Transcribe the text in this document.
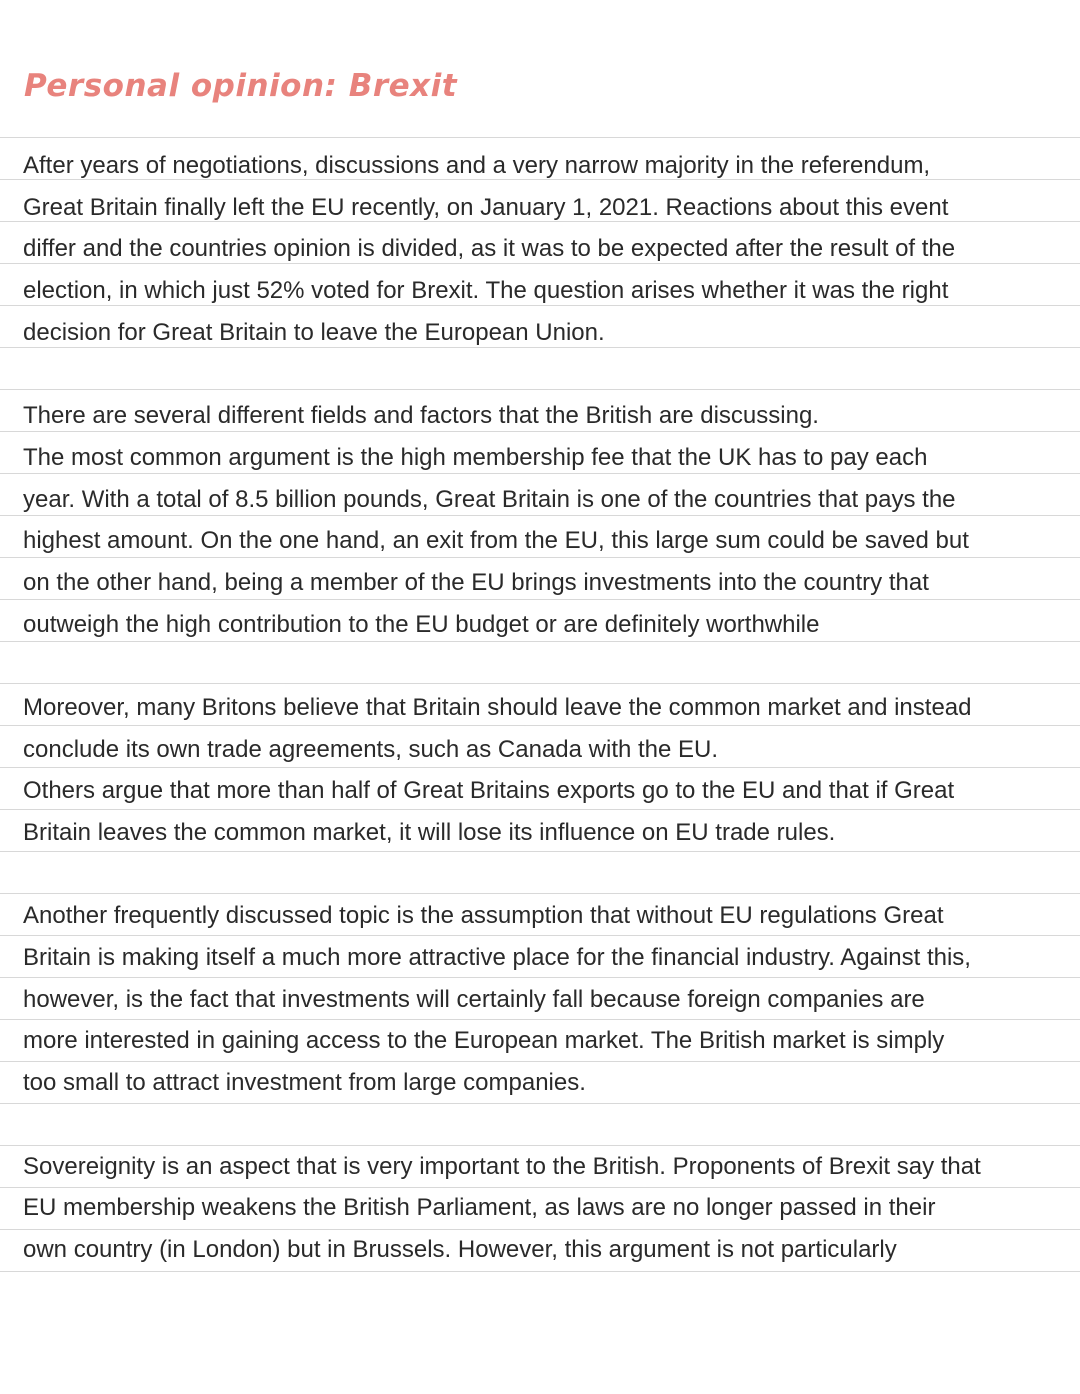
Personal opinion: Brexit
After years of negotiations, discussions and a very narrow majority in the referendum,
Great Britain finally left the EU recently, on January 1, 2021. Reactions about this event
differ and the countries opinion is divided, as it was to be expected after the result of the
election, in which just 52% voted for Brexit. The question arises whether it was the right
decision for Great Britain to leave the European Union.
There are several different fields and factors that the British are discussing.
The most common argument is the high membership fee that the UK has to pay each
year. With a total of 8.5 billion pounds, Great Britain is one of the countries that pays the
highest amount. On the one hand, an exit from the EU, this large sum could be saved but
on the other hand, being a member of the EU brings investments into the country that
outweigh the high contribution to the EU budget or are definitely worthwhile
Moreover, many Britons believe that Britain should leave the common market and instead
conclude its own trade agreements, such as Canada with the EU.
Others argue that more than half of Great Britains exports go to the EU and that if Great
Britain leaves the common market, it will lose its influence on EU trade rules.
Another frequently discussed topic is the assumption that without EU regulations Great
Britain is making itself a much more attractive place for the financial industry. Against this,
however, is the fact that investments will certainly fall because foreign companies are
more interested in gaining access to the European market. The British market is simply
too small to attract investment from large companies.
Sovereignity is an aspect that is very important to the British. Proponents of Brexit say that
EU membership weakens the British Parliament, as laws are no longer passed in their
own country (in London) but in Brussels. However, this argument is not particularly
